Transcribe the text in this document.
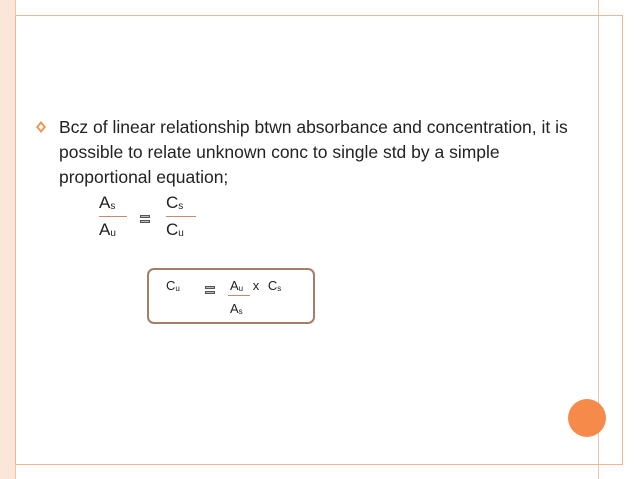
Bcz of linear relationship btwn absorbance and concentration, it is possible to relate unknown conc to single std by a simple proportional equation;
$A_s$
$A_u$
$C_s$
$C_u$
$C_u$	$A_u$ x $C_s$
$A_s$
